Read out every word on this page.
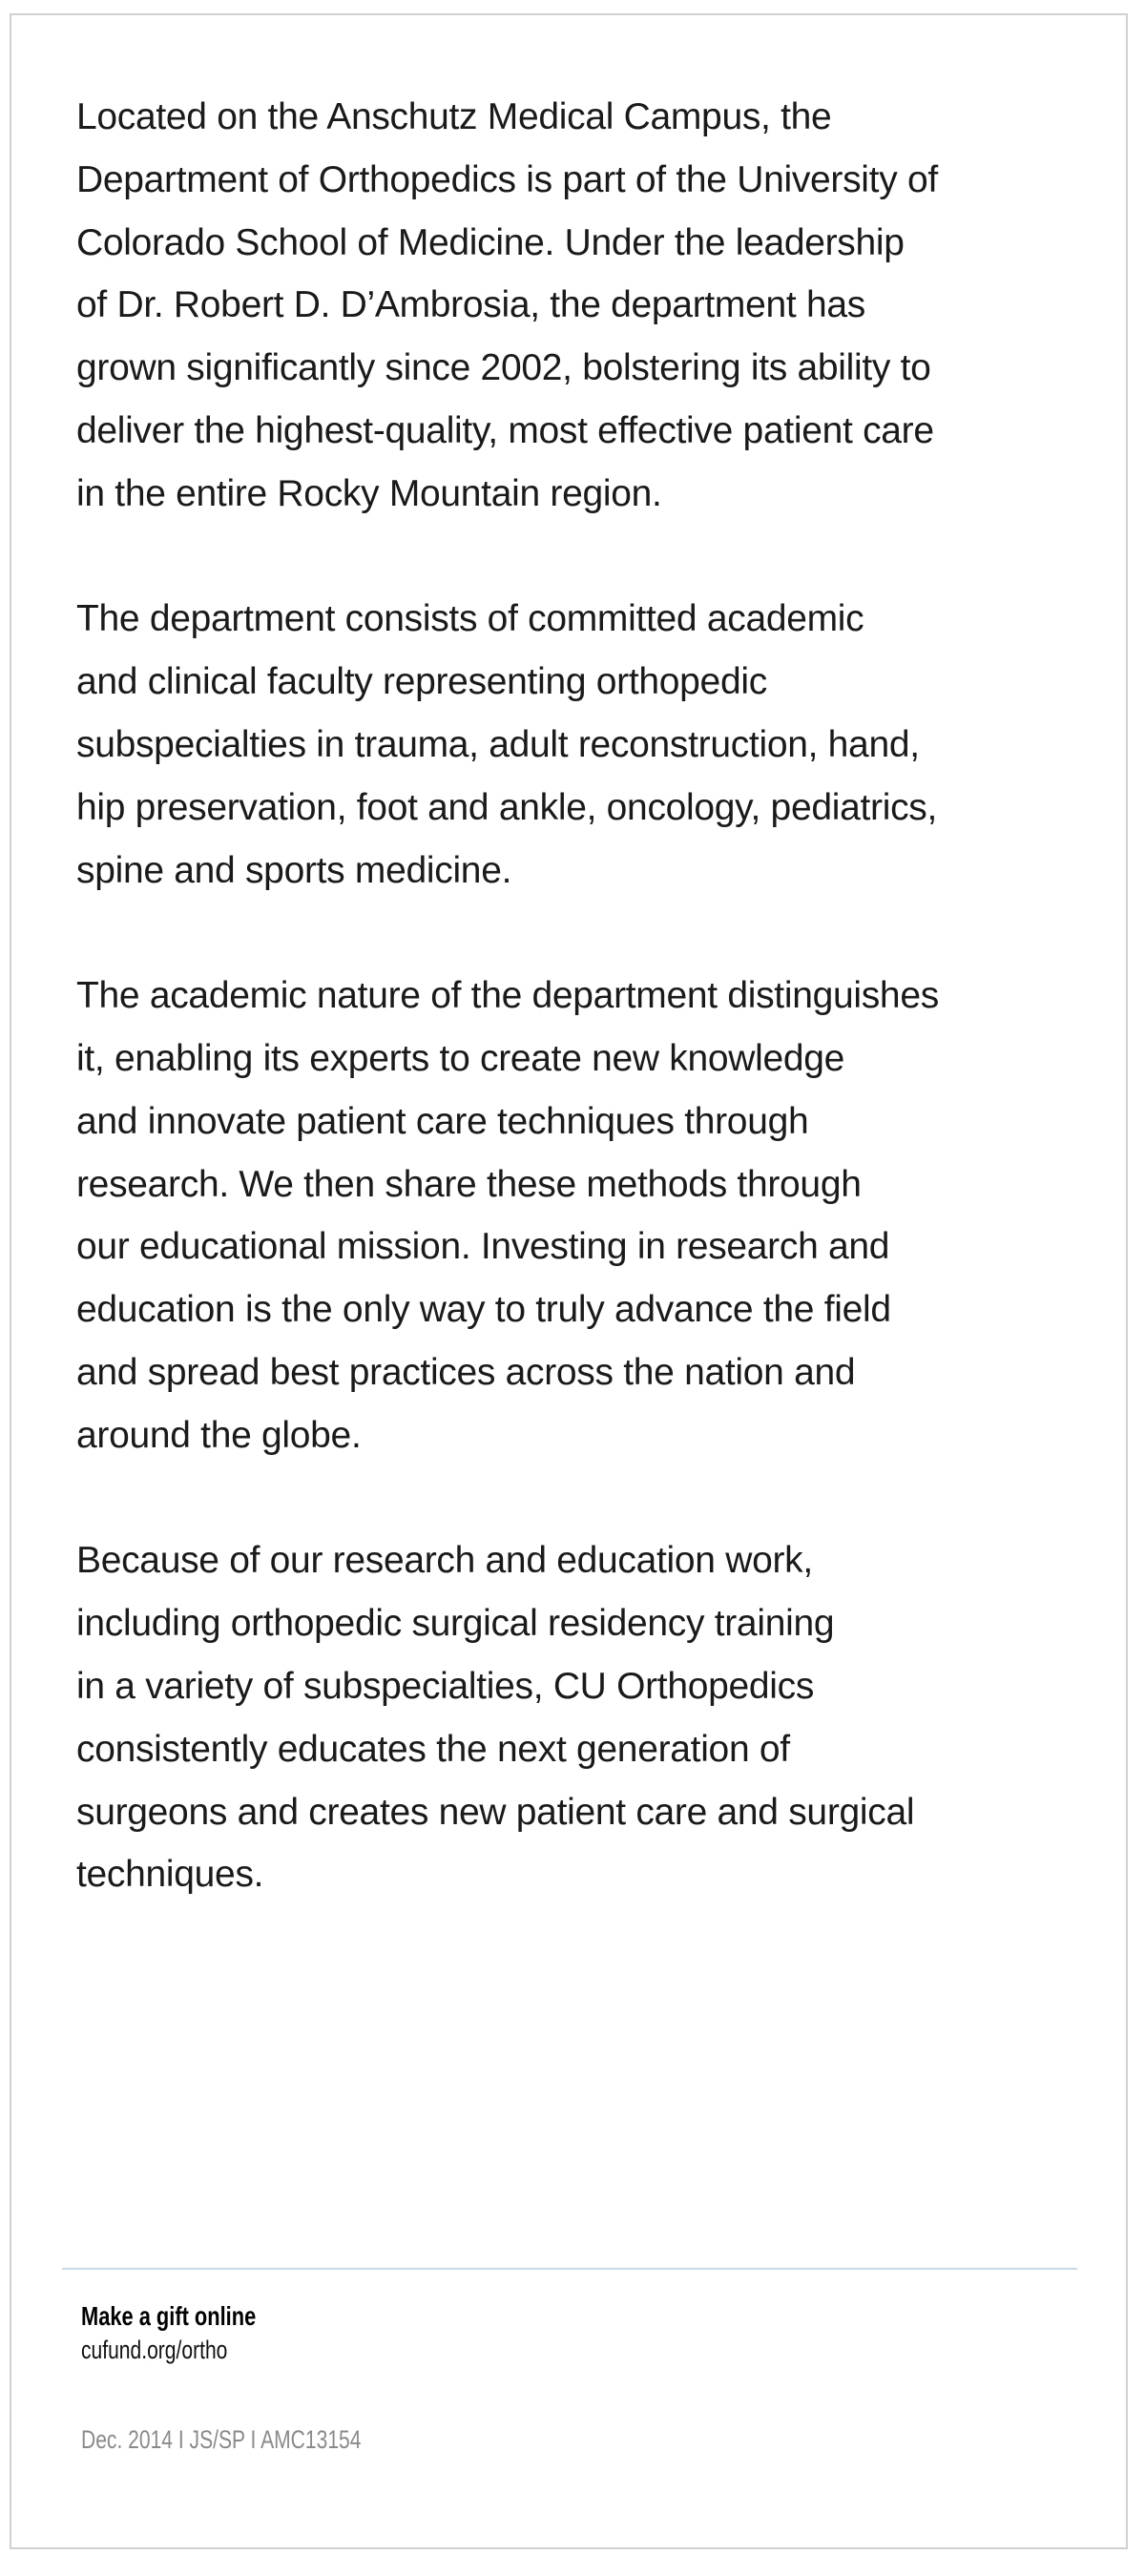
Located on the Anschutz Medical Campus, the
Department of Orthopedics is part of the University of
Colorado School of Medicine. Under the leadership
of Dr. Robert D. D’Ambrosia, the department has
grown significantly since 2002, bolstering its ability to
deliver the highest-quality, most effective patient care
in the entire Rocky Mountain region.
The department consists of committed academic
and clinical faculty representing orthopedic
subspecialties in trauma, adult reconstruction, hand,
hip preservation, foot and ankle, oncology, pediatrics,
spine and sports medicine.
The academic nature of the department distinguishes
it, enabling its experts to create new knowledge
and innovate patient care techniques through
research. We then share these methods through
our educational mission. Investing in research and
education is the only way to truly advance the field
and spread best practices across the nation and
around the globe.
Because of our research and education work,
including orthopedic surgical residency training
in a variety of subspecialties, CU Orthopedics
consistently educates the next generation of
surgeons and creates new patient care and surgical
techniques.
Make a gift online
cufund.org/ortho
Dec. 2014 I JS/SP I AMC13154
